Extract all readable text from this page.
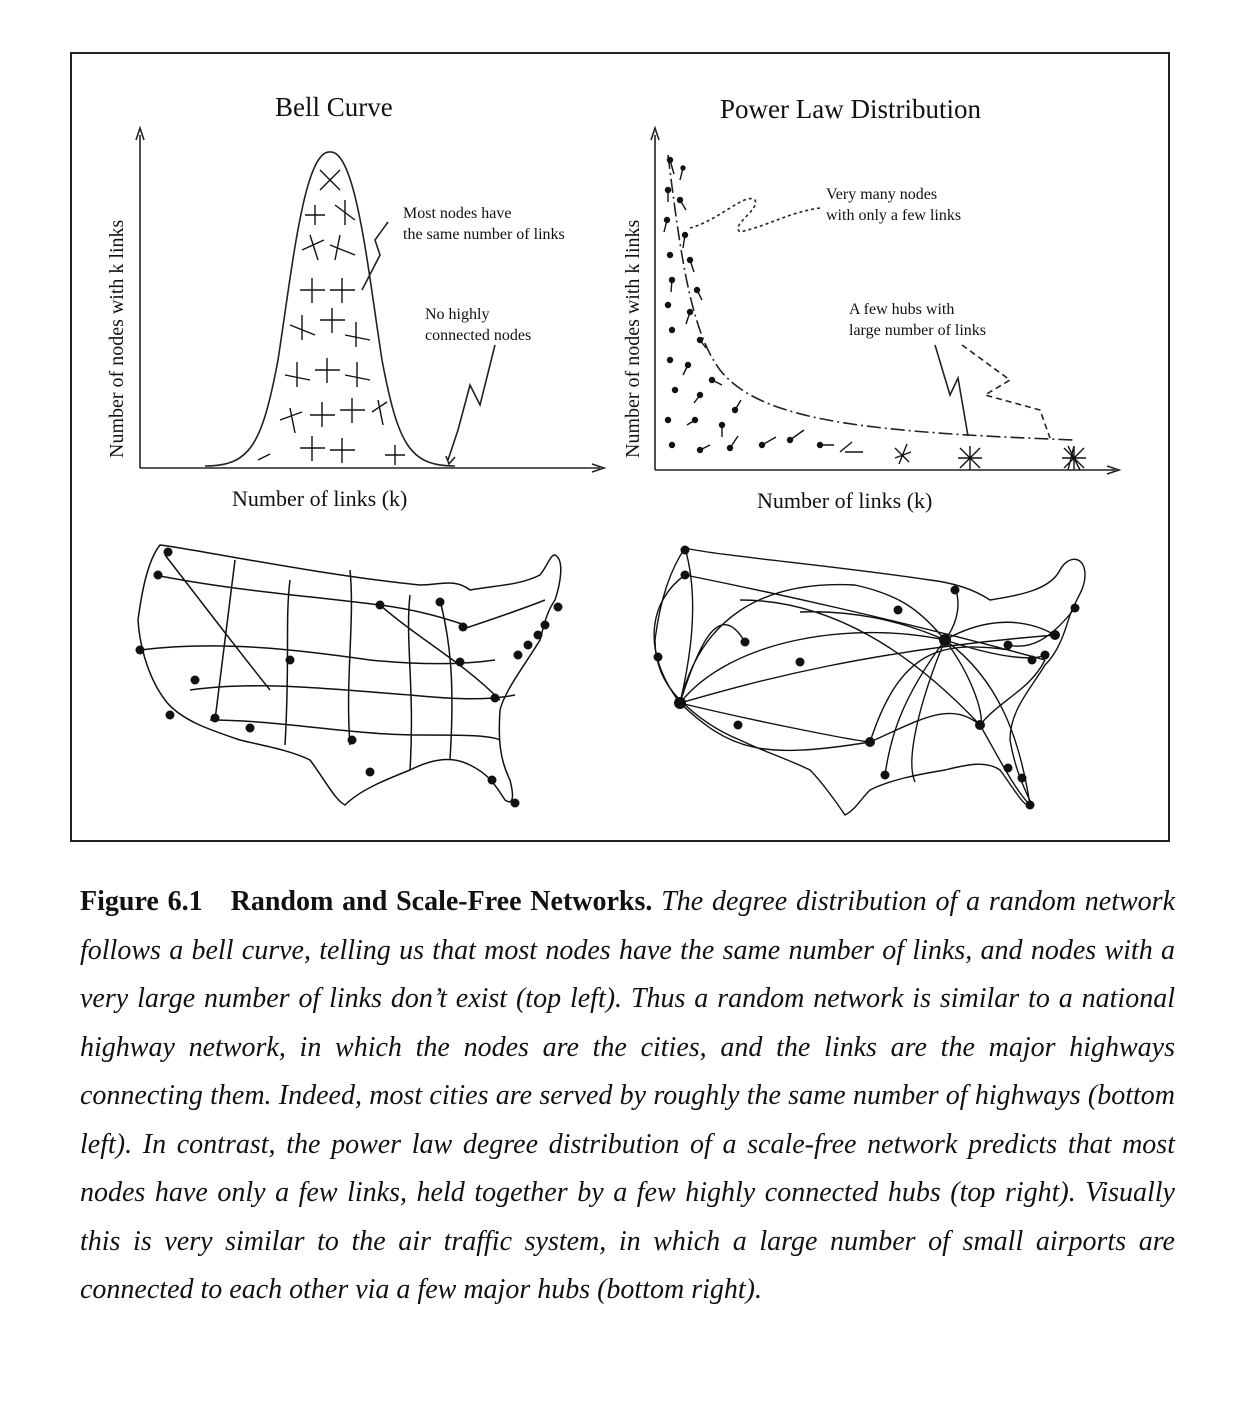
Bell Curve	Power Law Distribution
Number of nodes with k links	Number of nodes with k links
Number of links (k)	Number of links (k)
Most nodes have
the same number of links
No highly
connected nodes
Very many nodes
with only a few links
A few hubs with
large number of links
Figure 6.1 Random and Scale-Free Networks. The degree distribution of a random network follows a bell curve, telling us that most nodes have the same number of links, and nodes with a very large number of links don’t exist (top left). Thus a random network is similar to a national highway network, in which the nodes are the cities, and the links are the major highways connecting them. Indeed, most cities are served by roughly the same number of highways (bottom left). In contrast, the power law degree distribution of a scale-free network predicts that most nodes have only a few links, held together by a few highly connected hubs (top right). Visually this is very similar to the air traffic system, in which a large number of small airports are connected to each other via a few major hubs (bottom right).
